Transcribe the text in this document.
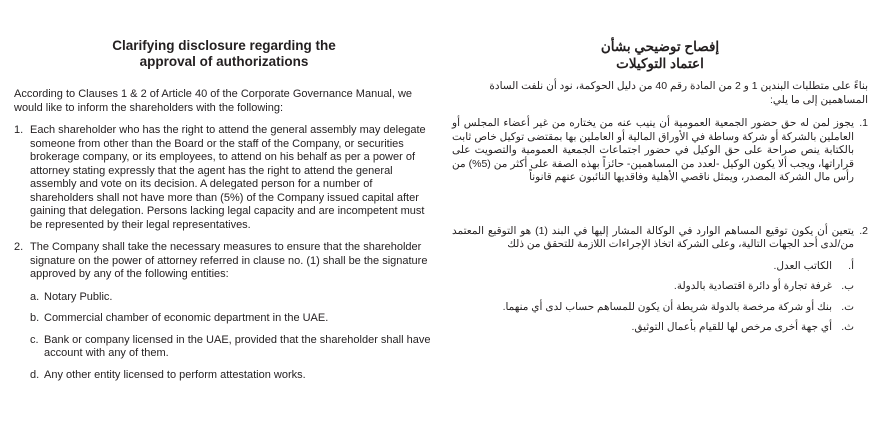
Clarifying disclosure regarding the
approval of authorizations
According to Clauses 1 & 2 of Article 40 of the Corporate Governance Manual, we would like to inform the shareholders with the following:
1. Each shareholder who has the right to attend the general assembly may delegate someone from other than the Board or the staff of the Company, or securities brokerage company, or its employees, to attend on his behalf as per a power of attorney stating expressly that the agent has the right to attend the general assembly and vote on its decision. A delegated person for a number of shareholders shall not have more than (5%) of the Company issued capital after gaining that delegation. Persons lacking legal capacity and are incompetent must be represented by their legal representatives.
2. The Company shall take the necessary measures to ensure that the shareholder signature on the power of attorney referred in clause no. (1) shall be the signature approved by any of the following entities:
a. Notary Public.
b. Commercial chamber of economic department in the UAE.
c. Bank or company licensed in the UAE, provided that the shareholder shall have account with any of them.
d. Any other entity licensed to perform attestation works.
إفصاح توضيحي بشأن
اعتماد التوكيلات
بناءً على متطلبات البندين 1 و 2 من المادة رقم 40 من دليل الحوكمة، نود أن نلفت السادة المساهمين إلى ما يلي:
1.
يجوز لمن له حق حضور الجمعية العمومية أن ينيب عنه من يختاره من غير أعضاء المجلس أو العاملين بالشركة أو شركة وساطة في الأوراق المالية أو العاملين بها بمقتضى توكيل خاص ثابت بالكتابة ينص صراحة على حق الوكيل في حضور اجتماعات الجمعية العمومية والتصويت على قراراتها، ويجب ألا يكون الوكيل -لعدد من المساهمين- حائزاً بهذه الصفة على أكثر من (5%) من رأس مال الشركة المصدر، ويمثل ناقصي الأهلية وفاقديها النائبون عنهم قانوناً
2.
يتعين أن يكون توقيع المساهم الوارد في الوكالة المشار إليها في البند (1) هو التوقيع المعتمد من/لدى أحد الجهات التالية، وعلى الشركة اتخاذ الإجراءات اللازمة للتحقق من ذلك
أ.
الكاتب العدل.
ب.
غرفة تجارة أو دائرة اقتصادية بالدولة.
ت.
بنك أو شركة مرخصة بالدولة شريطة أن يكون للمساهم حساب لدى أي منهما.
ث.
أي جهة أخرى مرخص لها للقيام بأعمال التوثيق.
